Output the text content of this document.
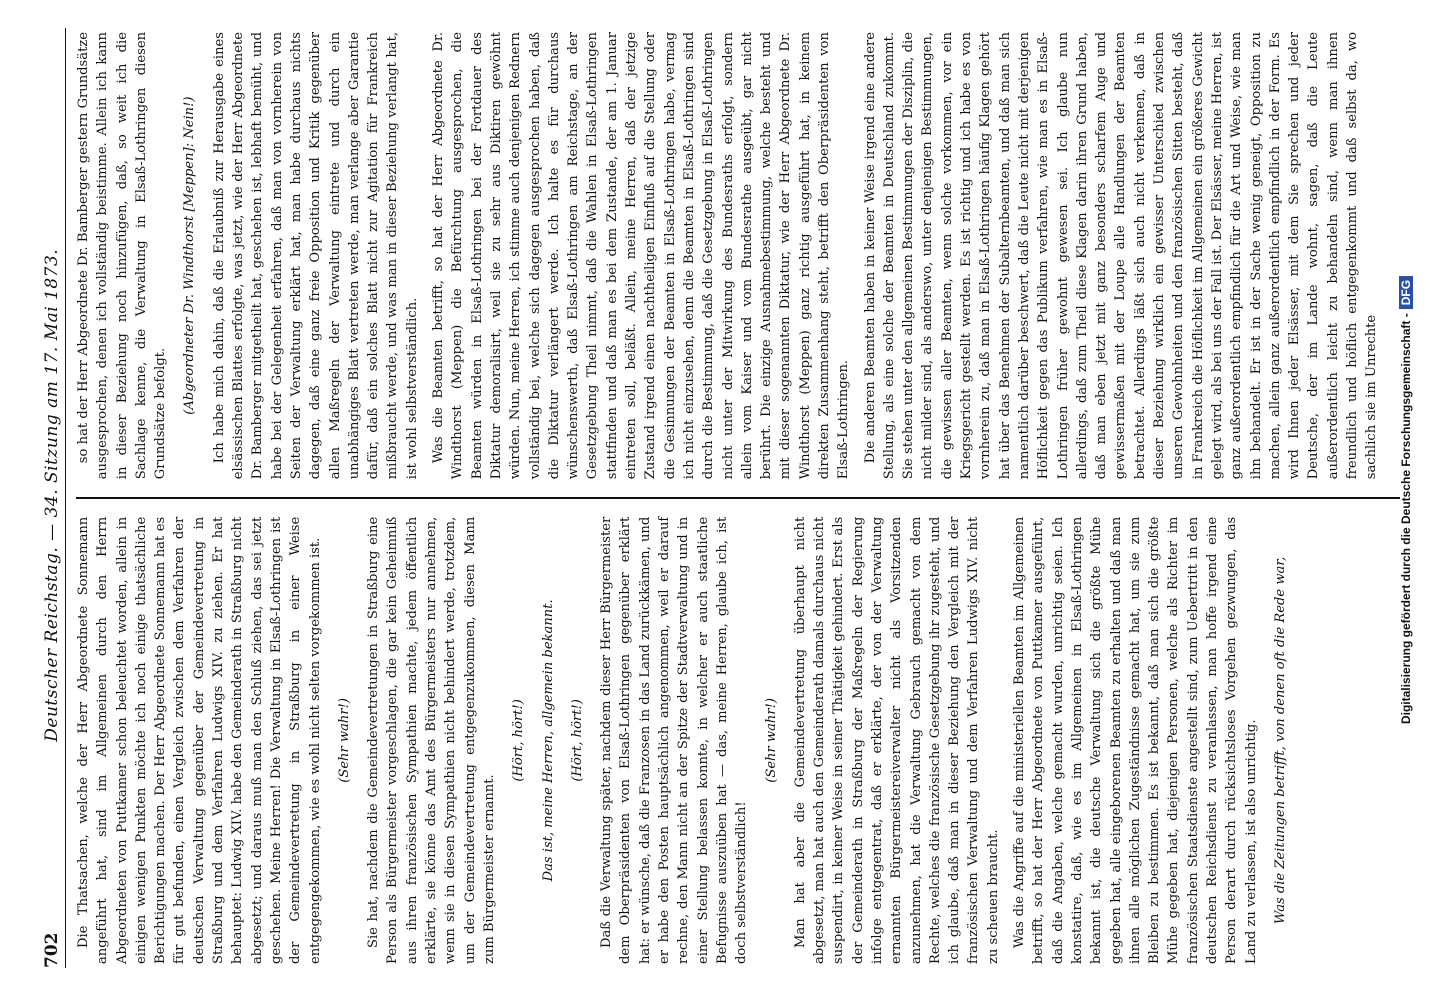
702
Deutscher Reichstag. — 34. Sitzung am 17. Mai 1873. Die Thatsachen, welche der Herr Abgeordnete Sonnemann angeführt hat, sind im Allgemeinen durch den Herrn Abgeordneten von Puttkamer schon beleuchtet worden, allein in einigen wenigen Punkten möchte ich noch einige thatsächliche Berichtigungen machen. Der Herr Abgeordnete Sonnemann hat es für gut befunden, einen Vergleich zwischen dem Verfahren der deutschen Verwaltung gegenüber der Gemeindevertretung in Straßburg und dem Verfahren Ludwigs XIV. zu ziehen. Er hat behauptet: Ludwig XIV. habe den Gemeinderath in Straßburg nicht abgesetzt; und daraus muß man den Schluß ziehen, das sei jetzt geschehen. Meine Herren! Die Verwaltung in Elsaß-Lothringen ist der Gemeindevertretung in Straßburg in einer Weise entgegengekommen, wie es wohl nicht selten vorgekommen ist. (Sehr wahr!) Sie hat, nachdem die Gemeindevertretungen in Straßburg eine Person als Bürgermeister vorgeschlagen, die gar kein Geheimniß aus ihren französischen Sympathien machte, jedem öffentlich erklärte, sie könne das Amt des Bürgermeisters nur annehmen, wenn sie in diesen Sympathien nicht behindert werde, trotzdem, um der Gemeindevertretung entgegenzukommen, diesen Mann zum Bürgermeister ernannt.

(Hört, hört!) Das ist, meine Herren, allgemein bekannt. (Hört, hört!) Daß die Verwaltung später, nachdem dieser Herr Bürgermeister dem Oberpräsidenten von Elsaß-Lothringen gegenüber erklärt hat: er wünsche, daß die Franzosen in das Land zurückkämen, und er habe den Posten hauptsächlich angenommen, weil er darauf rechne, den Mann nicht an der Spitze der Stadtverwaltung und in einer Stellung belassen konnte, in welcher er auch staatliche Befugnisse auszuüben hat — das, meine Herren, glaube ich, ist doch selbstverständlich!

(Sehr wahr!) Man hat aber die Gemeindevertretung überhaupt nicht abgesetzt, man hat auch den Gemeinderath damals durchaus nicht suspendirt, in keiner Weise in seiner Thätigkeit gehindert. Erst als der Gemeinderath in Straßburg der Maßregeln der Regierung infolge entgegentrat, daß er erklärte, der von der Verwaltung ernannten Bürgermeistereiverwalter nicht als Vorsitzenden anzunehmen, hat die Verwaltung Gebrauch gemacht von dem Rechte, welches die französische Gesetzgebung ihr zugesteht, und ich glaube, daß man in dieser Beziehung den Vergleich mit der französischen Verwaltung und dem Verfahren Ludwigs XIV. nicht zu scheuen braucht. Was die Angriffe auf die ministeriellen Beamten im Allgemeinen betrifft, so hat der Herr Abgeordnete von Puttkamer ausgeführt, daß die Angaben, welche gemacht wurden, unrichtig seien. Ich konstatire, daß, wie es im Allgemeinen in Elsaß-Lothringen bekannt ist, die deutsche Verwaltung sich die größte Mühe gegeben hat, alle eingeborenen Beamten zu erhalten und daß man ihnen alle möglichen Zugeständnisse gemacht hat, um sie zum Bleiben zu bestimmen. Es ist bekannt, daß man sich die größte Mühe gegeben hat, diejenigen Personen, welche als Richter im französischen Staatsdienste angestellt sind, zum Uebertritt in den deutschen Reichsdienst zu veranlassen, man hoffe irgend eine Person derart durch rücksichtsloses Vorgehen gezwungen, das Land zu verlassen, ist also unrichtig. Was die Zeitungen betrifft, von denen oft die Rede war,

so hat der Herr Abgeordnete Dr. Bamberger gestern Grundsätze ausgesprochen, denen ich vollständig beistimme. Allein ich kann in dieser Beziehung noch hinzufügen, daß, so weit ich die Sachlage kenne, die Verwaltung in Elsaß-Lothringen diesen Grundsätze befolgt. (Abgeordneter Dr. Windthorst [Meppen]: Nein!) Ich habe mich dahin, daß die Erlaubniß zur Herausgabe eines elsässischen Blattes erfolgte, was jetzt, wie der Herr Abgeordnete Dr. Bamberger mitgetheilt hat, geschehen ist, lebhaft bemüht, und habe bei der Gelegenheit erfahren, daß man von vornherein von Seiten der Verwaltung erklärt hat, man habe durchaus nichts dagegen, daß eine ganz freie Opposition und Kritik gegenüber allen Maßregeln der Verwaltung eintrete und durch ein unabhängiges Blatt vertreten werde, man verlange aber Garantie dafür, daß ein solches Blatt nicht zur Agitation für Frankreich mißbraucht werde, und was man in dieser Beziehung verlangt hat, ist wohl selbstverständlich. Was die Beamten betrifft, so hat der Herr Abgeordnete Dr. Windthorst (Meppen) die Befürchtung ausgesprochen, die Beamten würden in Elsaß-Lothringen bei der Fortdauer des Diktatur demoralisirt, weil sie zu sehr aus Diktiren gewöhnt würden. Nun, meine Herren, ich stimme auch denjenigen Rednern vollständig bei, welche sich dagegen ausgesprochen haben, daß die Diktatur verlängert werde. Ich halte es für durchaus wünschenswerth, daß Elsaß-Lothringen am Reichstage, an der Gesetzgebung Theil nimmt, daß die Wahlen in Elsaß-Lothringen stattfinden und daß man es bei dem Zustande, der am 1. Januar eintreten soll, beläßt. Allein, meine Herren, daß der jetzige Zustand irgend einen nachtheiligen Einfluß auf die Stellung oder die Gesinnungen der Beamten in Elsaß-Lothringen habe, vermag ich nicht einzusehen, denn die Beamten in Elsaß-Lothringen sind durch die Bestimmung, daß die Gesetzgebung in Elsaß-Lothringen nicht unter der Mitwirkung des Bundesraths erfolgt, sondern allein vom Kaiser und vom Bundesrathe ausgeübt, gar nicht berührt. Die einzige Ausnahmebestimmung, welche besteht und mit dieser sogenannten Diktatur, wie der Herr Abgeordnete Dr. Windthorst (Meppen) ganz richtig ausgeführt hat, in keinem direkten Zusammenhang steht, betrifft den Oberpräsidenten von Elsaß-Lothringen. Die anderen Beamten haben in keiner Weise irgend eine andere Stellung, als eine solche der Beamten in Deutschland zukommt. Sie stehen unter den allgemeinen Bestimmungen der Disziplin, die nicht milder sind, als anderswo, unter denjenigen Bestimmungen, die gewissen aller Beamten, wenn solche vorkommen, vor ein Kriegsgericht gestellt werden. Es ist richtig und ich habe es von vornherein zu, daß man in Elsaß-Lothringen häufig Klagen gehört hat über das Benehmen der Subalternbeamten, und daß man sich namentlich darüber beschwert, daß die Leute nicht mit derjenigen Höflichkeit gegen das Publikum verfahren, wie man es in Elsaß-Lothringen früher gewohnt gewesen sei. Ich glaube nun allerdings, daß zum Theil diese Klagen darin ihren Grund haben, daß man eben jetzt mit ganz besonders scharfem Auge und gewissermaßen mit der Loupe alle Handlungen der Beamten betrachtet. Allerdings läßt sich auch nicht verkennen, daß in dieser Beziehung wirklich ein gewisser Unterschied zwischen unseren Gewohnheiten und den französischen Sitten besteht, daß in Frankreich die Höflichkeit im Allgemeinen ein größeres Gewicht gelegt wird, als bei uns der Fall ist. Der Elsässer, meine Herren, ist ganz außerordentlich empfindlich für die Art und Weise, wie man ihn behandelt. Er ist in der Sache wenig geneigt, Opposition zu machen, allein ganz außerordentlich empfindlich in der Form. Es wird Ihnen jeder Elsässer, mit dem Sie sprechen und jeder Deutsche, der im Lande wohnt, sagen, daß die Leute außerordentlich leicht zu behandeln sind, wenn man ihnen freundlich und höflich entgegenkommt und daß selbst da, wo sachlich sie im Unrechte Digitalisierung gefördert durch die Deutsche Forschungsgemeinschaft -DFG
